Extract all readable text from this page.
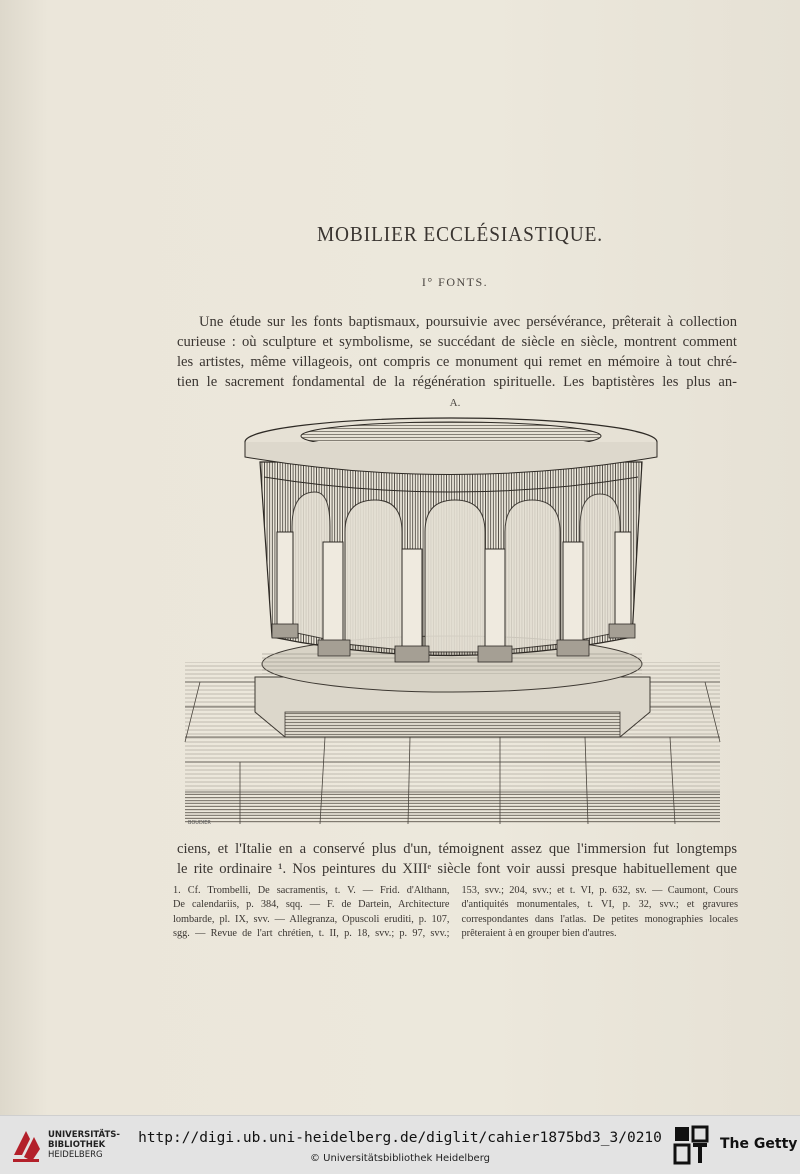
MOBILIER ECCLÉSIASTIQUE.
I° FONTS.
Une étude sur les fonts baptismaux, poursuivie avec persévérance, prêterait à collection
curieuse : où sculpture et symbolisme, se succédant de siècle en siècle, montrent comment
les artistes, même villageois, ont compris ce monument qui remet en mémoire à tout chré-
tien le sacrement fondamental de la régénération spirituelle. Les baptistères les plus an-
A.
BOUDIER
ciens, et l'Italie en a conservé plus d'un, témoignent assez que l'immersion fut longtemps
le rite ordinaire ¹. Nos peintures du XIIIᵉ siècle font voir aussi presque habituellement que
1. Cf. Trombelli, De sacramentis, t. V. — Frid. d'Althann,
De calendariis, p. 384, sqq. — F. de Dartein, Architecture
lombarde, pl. IX, svv. — Allegranza, Opuscoli eruditi, p. 107,
sgg. — Revue de l'art chrétien, t. II, p. 18, svv.; p. 97, svv.;
153, svv.; 204, svv.; et t. VI, p. 632, sv. — Caumont, Cours
d'antiquités monumentales, t. VI, p. 32, svv.; et gravures
correspondantes dans l'atlas. De petites monographies locales
prêteraient à en grouper bien d'autres.
UNIVERSITÄTS-
BIBLIOTHEK
HEIDELBERG
http://digi.ub.uni-heidelberg.de/diglit/cahier1875bd3_3/0210
© Universitätsbibliothek Heidelberg
The Getty
